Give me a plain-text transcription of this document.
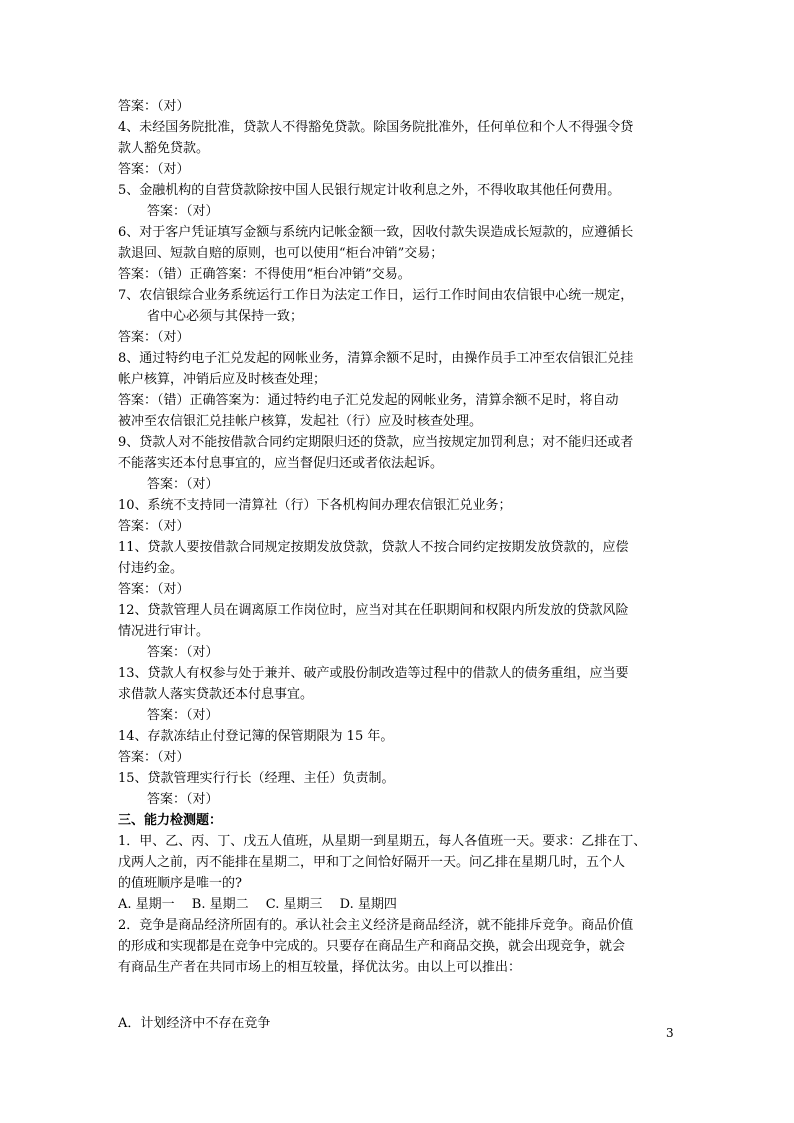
答案：（对）
4、未经国务院批准，贷款人不得豁免贷款。除国务院批准外，任何单位和个人不得强令贷
款人豁免贷款。
答案：（对）
5、金融机构的自营贷款除按中国人民银行规定计收利息之外，不得收取其他任何费用。
答案：（对）
6、对于客户凭证填写金额与系统内记帐金额一致，因收付款失误造成长短款的，应遵循长
款退回、短款自赔的原则，也可以使用“柜台冲销”交易；
答案：（错）正确答案：不得使用“柜台冲销”交易。
7、农信银综合业务系统运行工作日为法定工作日，运行工作时间由农信银中心统一规定，
省中心必须与其保持一致；
答案：（对）
8、通过特约电子汇兑发起的网帐业务，清算余额不足时，由操作员手工冲至农信银汇兑挂
帐户核算，冲销后应及时核查处理；
答案：（错）正确答案为：通过特约电子汇兑发起的网帐业务，清算余额不足时，将自动
被冲至农信银汇兑挂帐户核算，发起社（行）应及时核查处理。
9、贷款人对不能按借款合同约定期限归还的贷款，应当按规定加罚利息；对不能归还或者
不能落实还本付息事宜的，应当督促归还或者依法起诉。
答案：（对）
10、系统不支持同一清算社（行）下各机构间办理农信银汇兑业务；
答案：（对）
11、贷款人要按借款合同规定按期发放贷款，贷款人不按合同约定按期发放贷款的，应偿
付违约金。
答案：（对）
12、贷款管理人员在调离原工作岗位时，应当对其在任职期间和权限内所发放的贷款风险
情况进行审计。
答案：（对）
13、贷款人有权参与处于兼并、破产或股份制改造等过程中的借款人的债务重组，应当要
求借款人落实贷款还本付息事宜。
答案：（对）
14、存款冻结止付登记簿的保管期限为 15 年。
答案：（对）
15、贷款管理实行行长（经理、主任）负责制。
答案：（对）
三、能力检测题：
1．甲、乙、丙、丁、戊五人值班，从星期一到星期五，每人各值班一天。要求：乙排在丁、
戊两人之前，丙不能排在星期二，甲和丁之间恰好隔开一天。问乙排在星期几时，五个人
的值班顺序是唯一的?
A. 星期一　 B. 星期二　 C. 星期三　 D. 星期四
2．竞争是商品经济所固有的。承认社会主义经济是商品经济，就不能排斥竞争。商品价值
的形成和实现都是在竞争中完成的。只要存在商品生产和商品交换，就会出现竞争，就会
有商品生产者在共同市场上的相互较量，择优汰劣。由以上可以推出：
A．计划经济中不存在竞争
3
